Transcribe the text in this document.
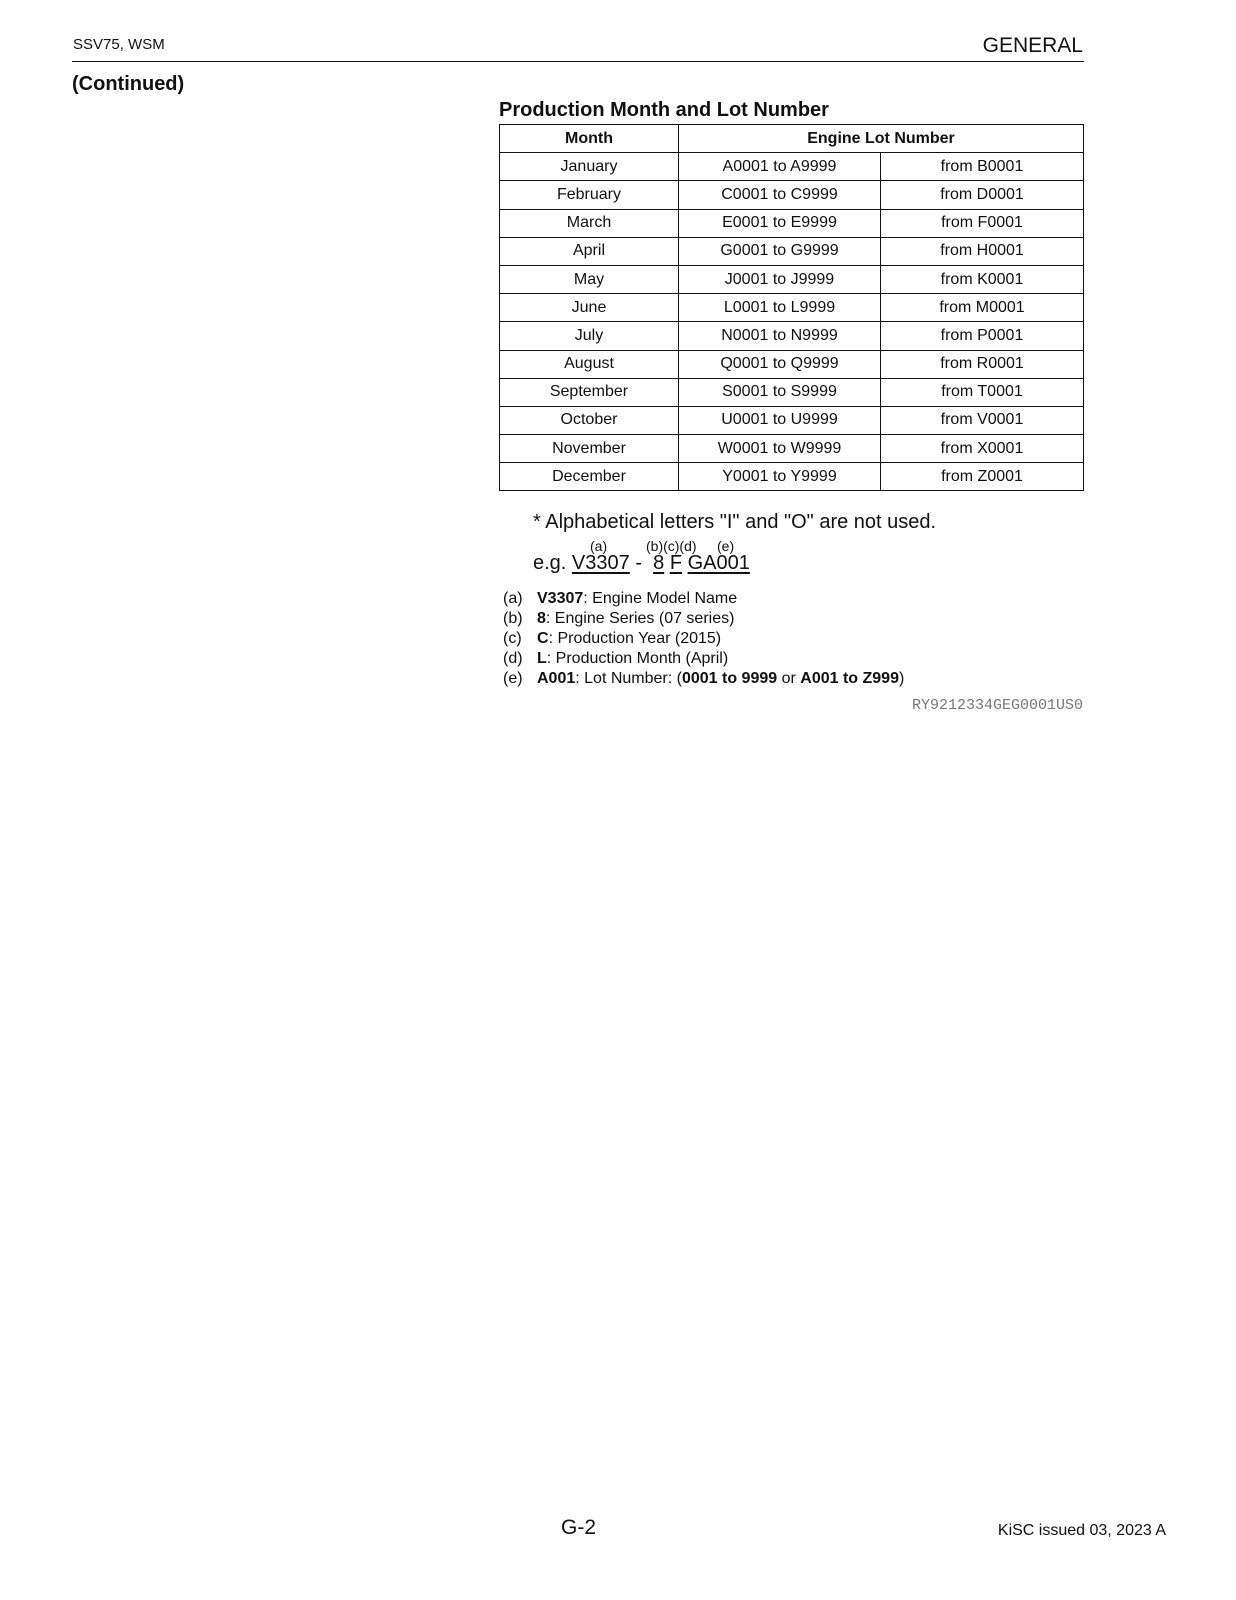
SSV75, WSM	GENERAL
(Continued)
Production Month and Lot Number
Month	Engine Lot Number	
January	A0001 to A9999	from B0001
February	C0001 to C9999	from D0001
March	E0001 to E9999	from F0001
April	G0001 to G9999	from H0001
May	J0001 to J9999	from K0001
June	L0001 to L9999	from M0001
July	N0001 to N9999	from P0001
August	Q0001 to Q9999	from R0001
September	S0001 to S9999	from T0001
October	U0001 to U9999	from V0001
November	W0001 to W9999	from X0001
December	Y0001 to Y9999	from Z0001
* Alphabetical letters "I" and "O" are not used.
(a)	(b)(c)(d) (e)
e.g. V3307 - 8 F GA001
(a) V3307: Engine Model Name
(b) 8: Engine Series (07 series)
(c) C: Production Year (2015)
(d) L: Production Month (April)
(e) A001: Lot Number: (0001 to 9999 or A001 to Z999)
RY9212334GEG0001US0
G-2	KiSC issued 03, 2023 A
